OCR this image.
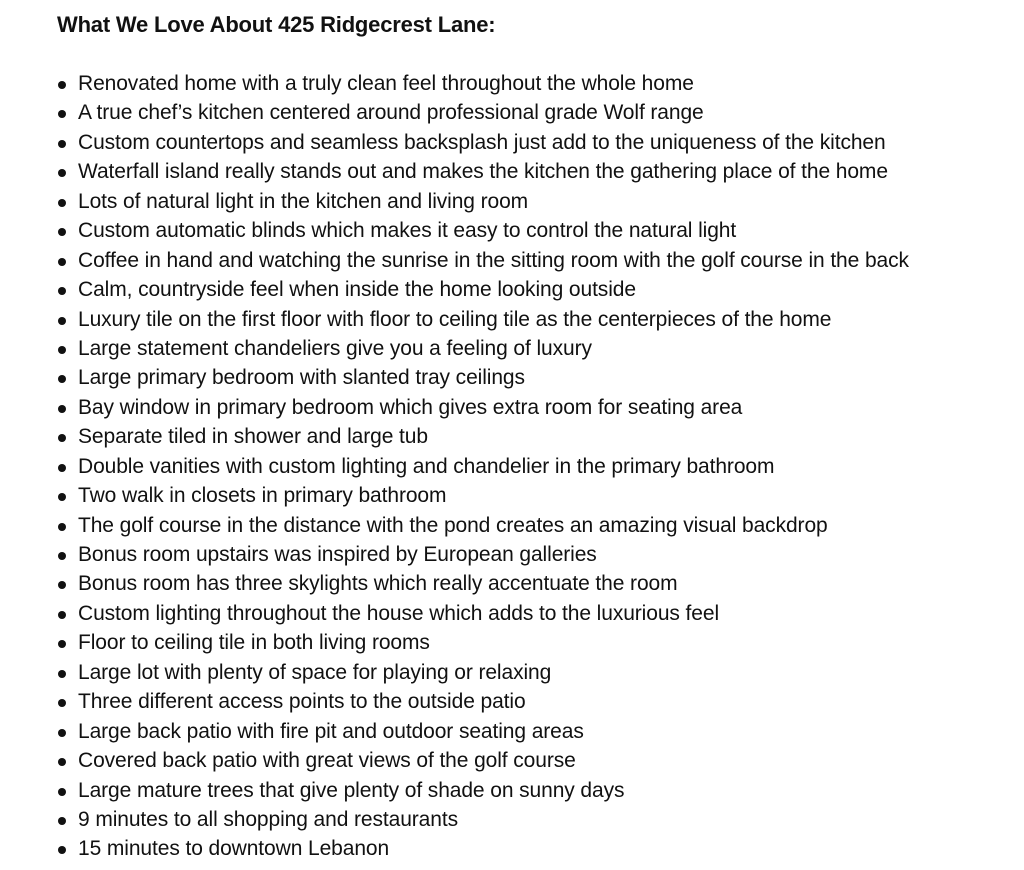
What We Love About 425 Ridgecrest Lane:
Renovated home with a truly clean feel throughout the whole home
A true chef’s kitchen centered around professional grade Wolf range
Custom countertops and seamless backsplash just add to the uniqueness of the kitchen
Waterfall island really stands out and makes the kitchen the gathering place of the home
Lots of natural light in the kitchen and living room
Custom automatic blinds which makes it easy to control the natural light
Coffee in hand and watching the sunrise in the sitting room with the golf course in the back
Calm, countryside feel when inside the home looking outside
Luxury tile on the first floor with floor to ceiling tile as the centerpieces of the home
Large statement chandeliers give you a feeling of luxury
Large primary bedroom with slanted tray ceilings
Bay window in primary bedroom which gives extra room for seating area
Separate tiled in shower and large tub
Double vanities with custom lighting and chandelier in the primary bathroom
Two walk in closets in primary bathroom
The golf course in the distance with the pond creates an amazing visual backdrop
Bonus room upstairs was inspired by European galleries
Bonus room has three skylights which really accentuate the room
Custom lighting throughout the house which adds to the luxurious feel
Floor to ceiling tile in both living rooms
Large lot with plenty of space for playing or relaxing
Three different access points to the outside patio
Large back patio with fire pit and outdoor seating areas
Covered back patio with great views of the golf course
Large mature trees that give plenty of shade on sunny days
9 minutes to all shopping and restaurants
15 minutes to downtown Lebanon
